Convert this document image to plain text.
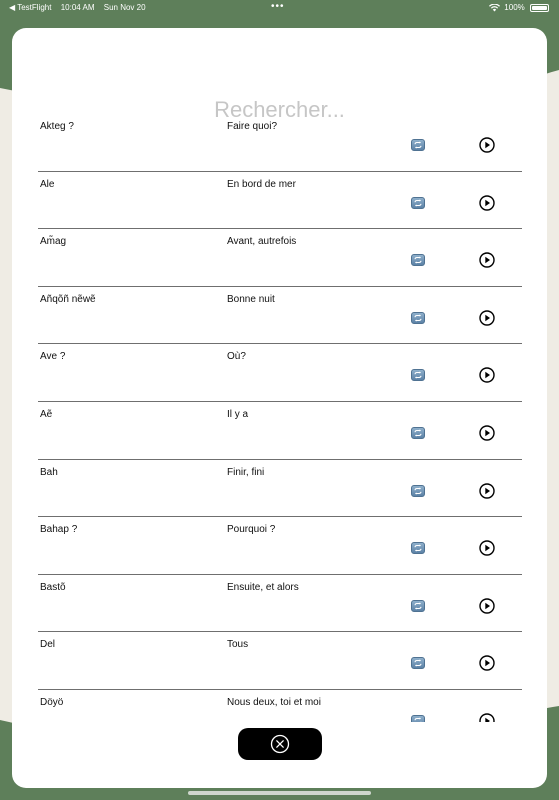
◀ TestFlight 10:04 AM Sun Nov 20	•••	100%
Rechercher...
Akteg ?	Faire quoi?
Ale	En bord de mer
Am̃ag	Avant, autrefois
Añqõñ nẽwẽ	Bonne nuit
Ave ?	Où?
Aẽ	Il y a
Bah	Finir, fini
Bahap ?	Pourquoi ?
Bastõ	Ensuite, et alors
Del	Tous
Döyö	Nous deux, toi et moi
